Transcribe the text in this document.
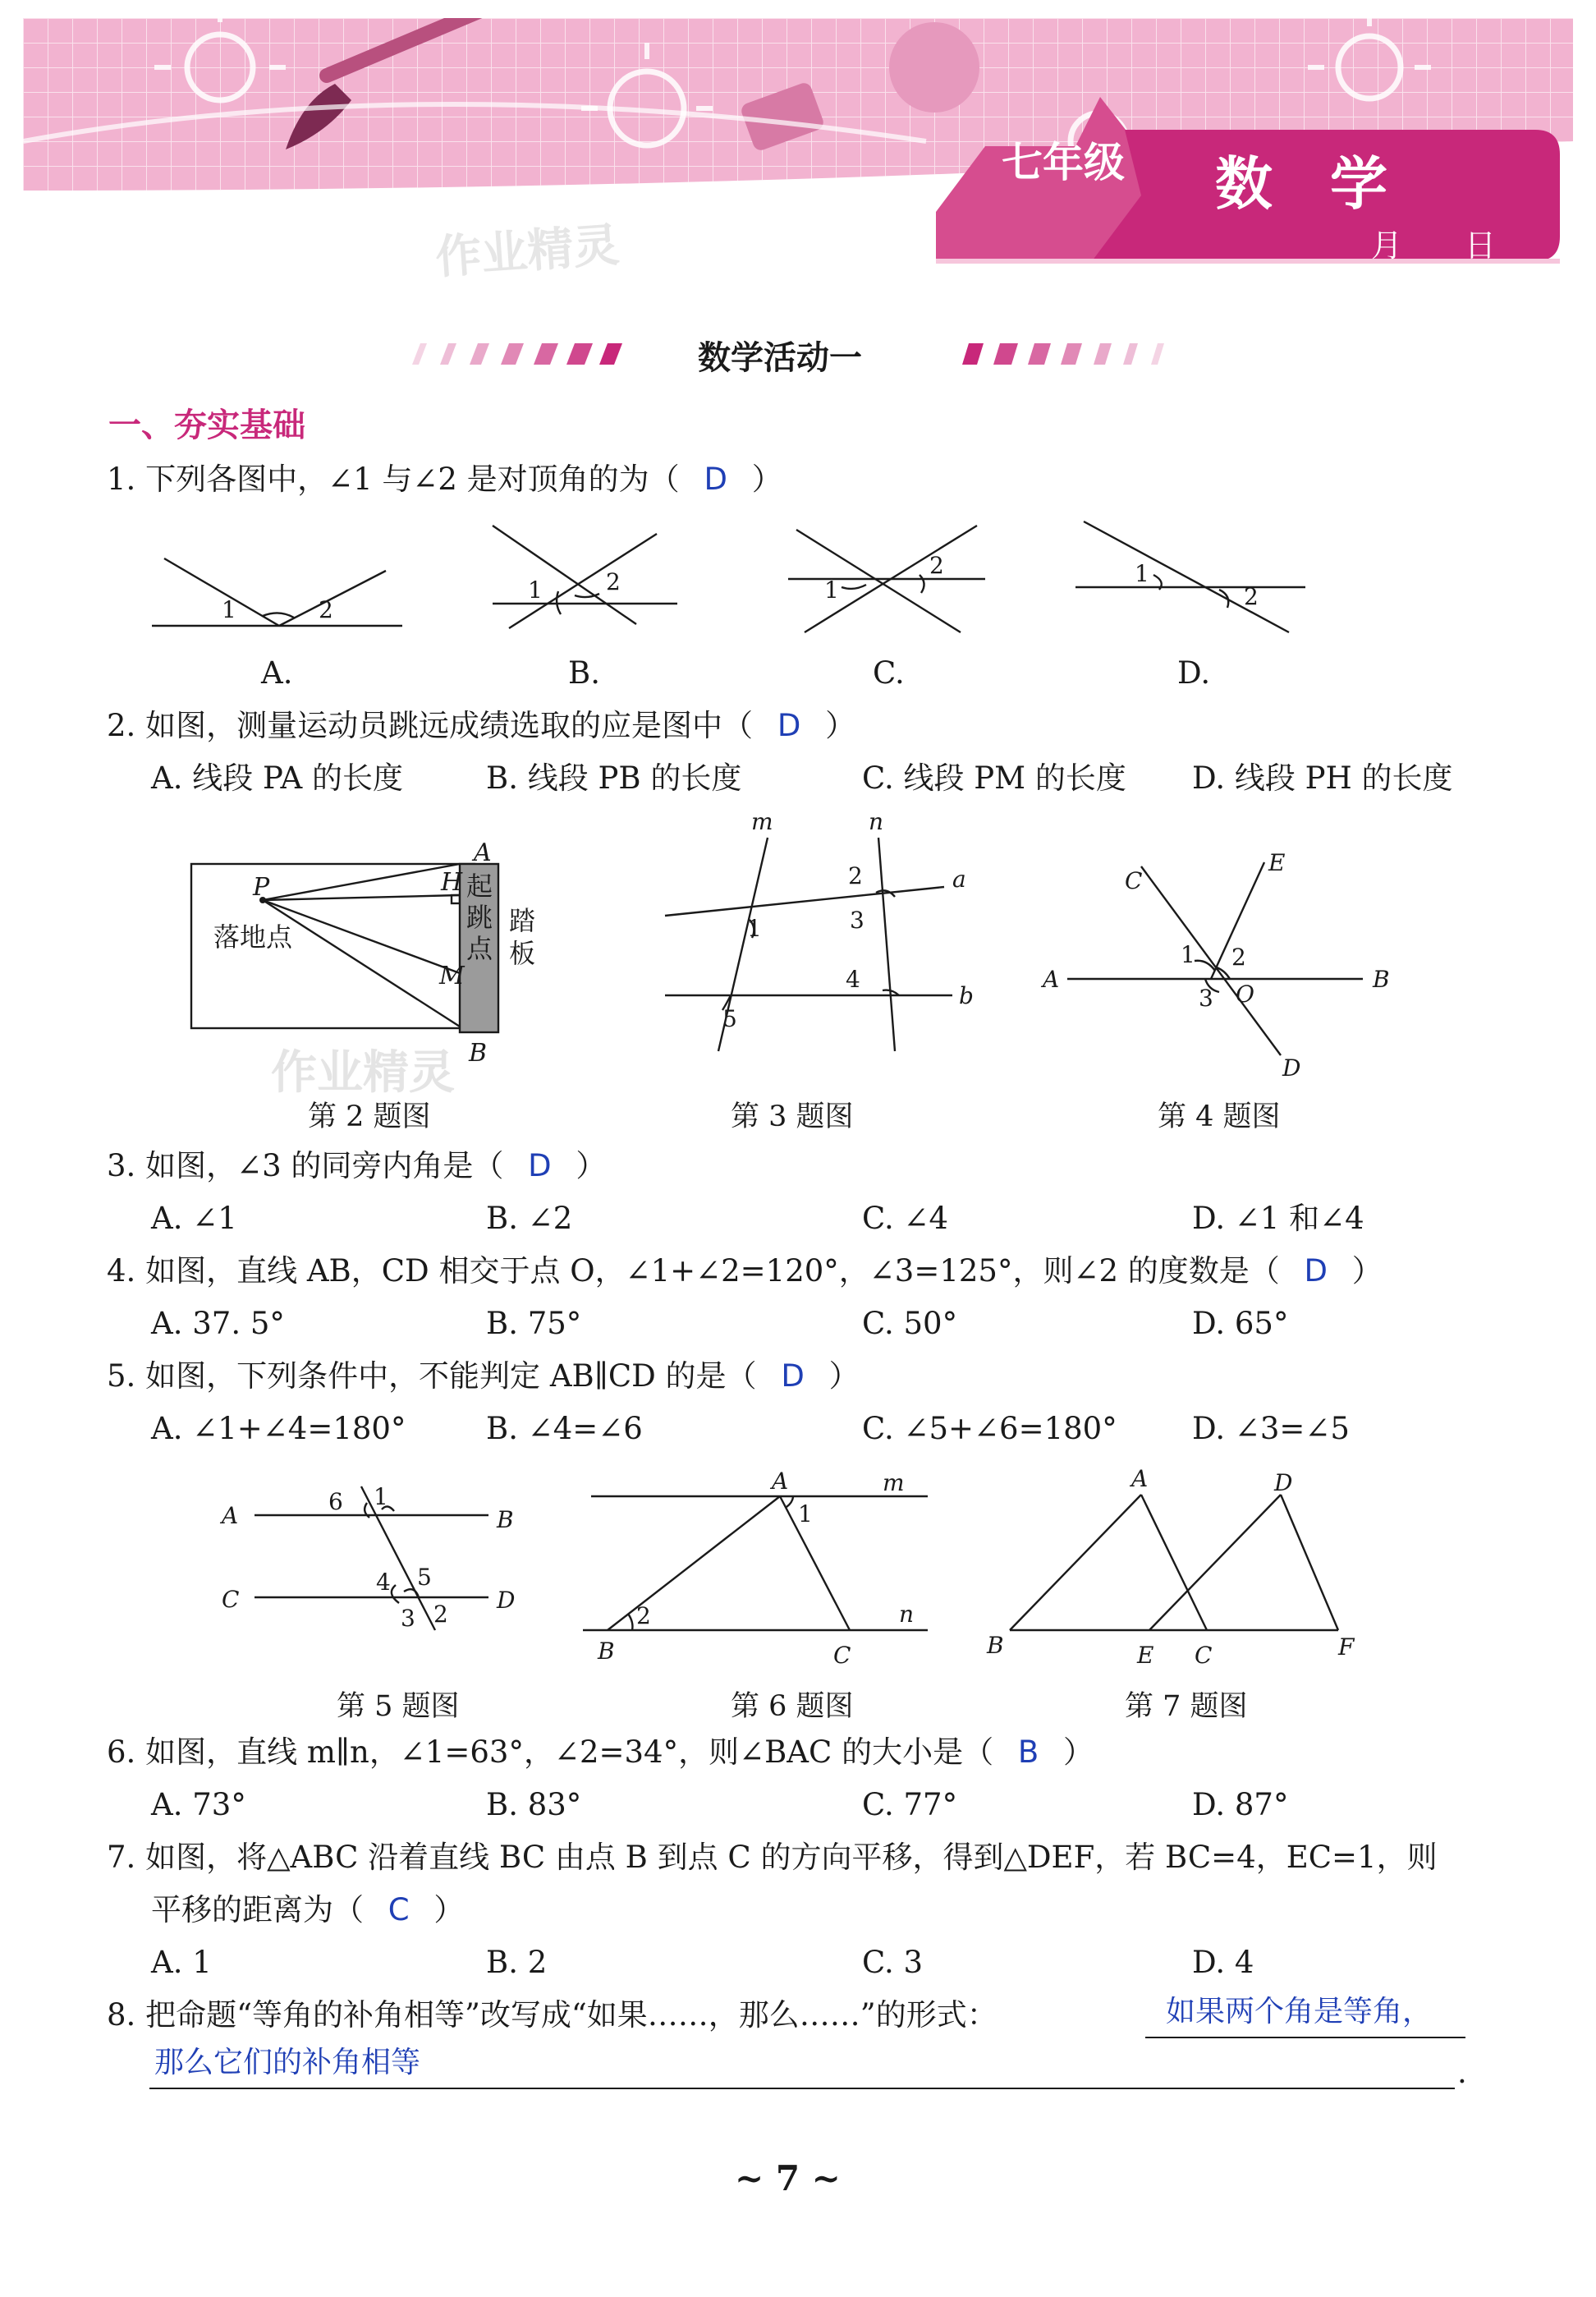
七年级 数　学
月　　日
作业精灵
数学活动一
一、夯实基础
1. 下列各图中，∠1 与∠2 是对顶角的为（ D ）
1	2
1	2	1
2	1
2
A.	B.	C.	D.
2. 如图，测量运动员跳远成绩选取的应是图中（ D ）
A. 线段 PA 的长度	B. 线段 PB 的长度	C. 线段 PM 的长度 D. 线段 PH 的长度
A
H
P
M
B
落地点
起
跳
点
踏
板
作业精灵
第 2 题图
m	n
a
b
1
2
3
4
5
第 3 题图
A	B
C
D
E
O
1 2
3
第 4 题图
3. 如图，∠3 的同旁内角是（ D ）
A. ∠1	B. ∠2	C. ∠4	D. ∠1 和∠4
4. 如图，直线 AB，CD 相交于点 O，∠1+∠2=120°，∠3=125°，则∠2 的度数是（ D ）
A. 37. 5°	B. 75°	C. 50°	D. 65°
5. 如图，下列条件中，不能判定 AB∥CD 的是（ D ）
A. ∠1+∠4=180°	B. ∠4=∠6	C. ∠5+∠6=180° D. ∠3=∠5
A	B
C	D
6 1
4 5
3 2
第 5 题图
A	m
1
2	n
B	C
第 6 题图
A	D
B	E C	F
第 7 题图
6. 如图，直线 m∥n，∠1=63°，∠2=34°，则∠BAC 的大小是（ B ）
A. 73°	B. 83°	C. 77°	D. 87°
7. 如图，将△ABC 沿着直线 BC 由点 B 到点 C 的方向平移，得到△DEF，若 BC=4，EC=1，则
平移的距离为（ C ）
A. 1	B. 2	C. 3	D. 4
8. 把命题“等角的补角相等”改写成“如果……，那么……”的形式：	如果两个角是等角，
那么它们的补角相等	.
~ 7 ~
